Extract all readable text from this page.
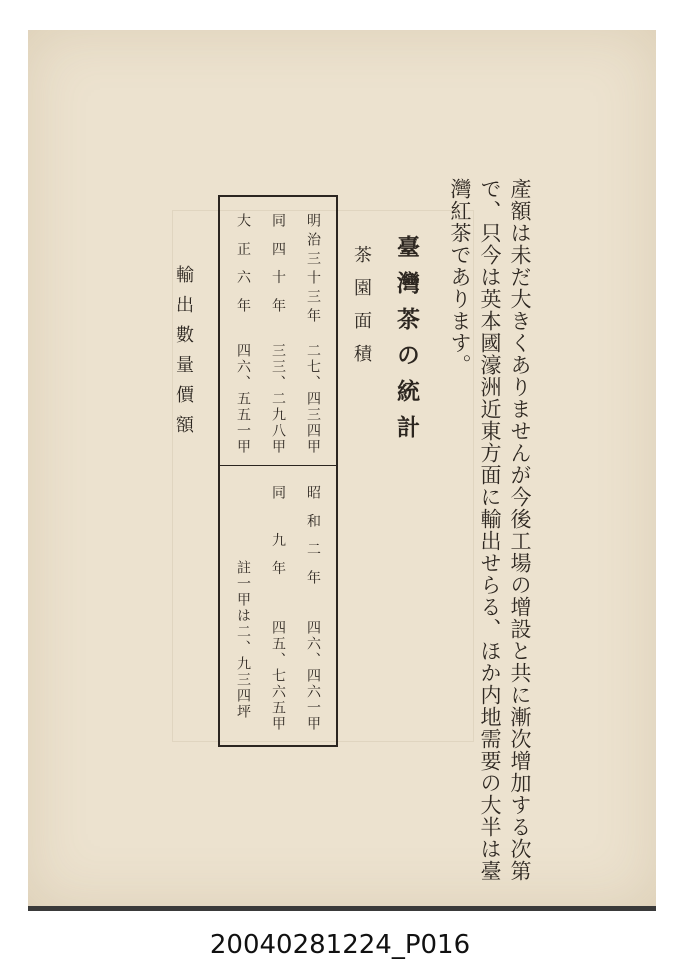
產額は未だ大きくありませんが今後工場の增設と共に漸次增加する次第
で、只今は英本國濠洲近東方面に輸出せらる、ほか内地需要の大半は臺
灣紅茶であります。
臺灣茶の統計
茶園面積
明治三十三年
二七、四三四甲
同 四 十 年
三三、二九八甲
大 正 六 年
四六、五五一甲
昭 和 二 年
四六、四六一甲
同　 九 年
四五、七六五甲
註一甲は二、九三四坪
輸出數量價額
20040281224_P016
